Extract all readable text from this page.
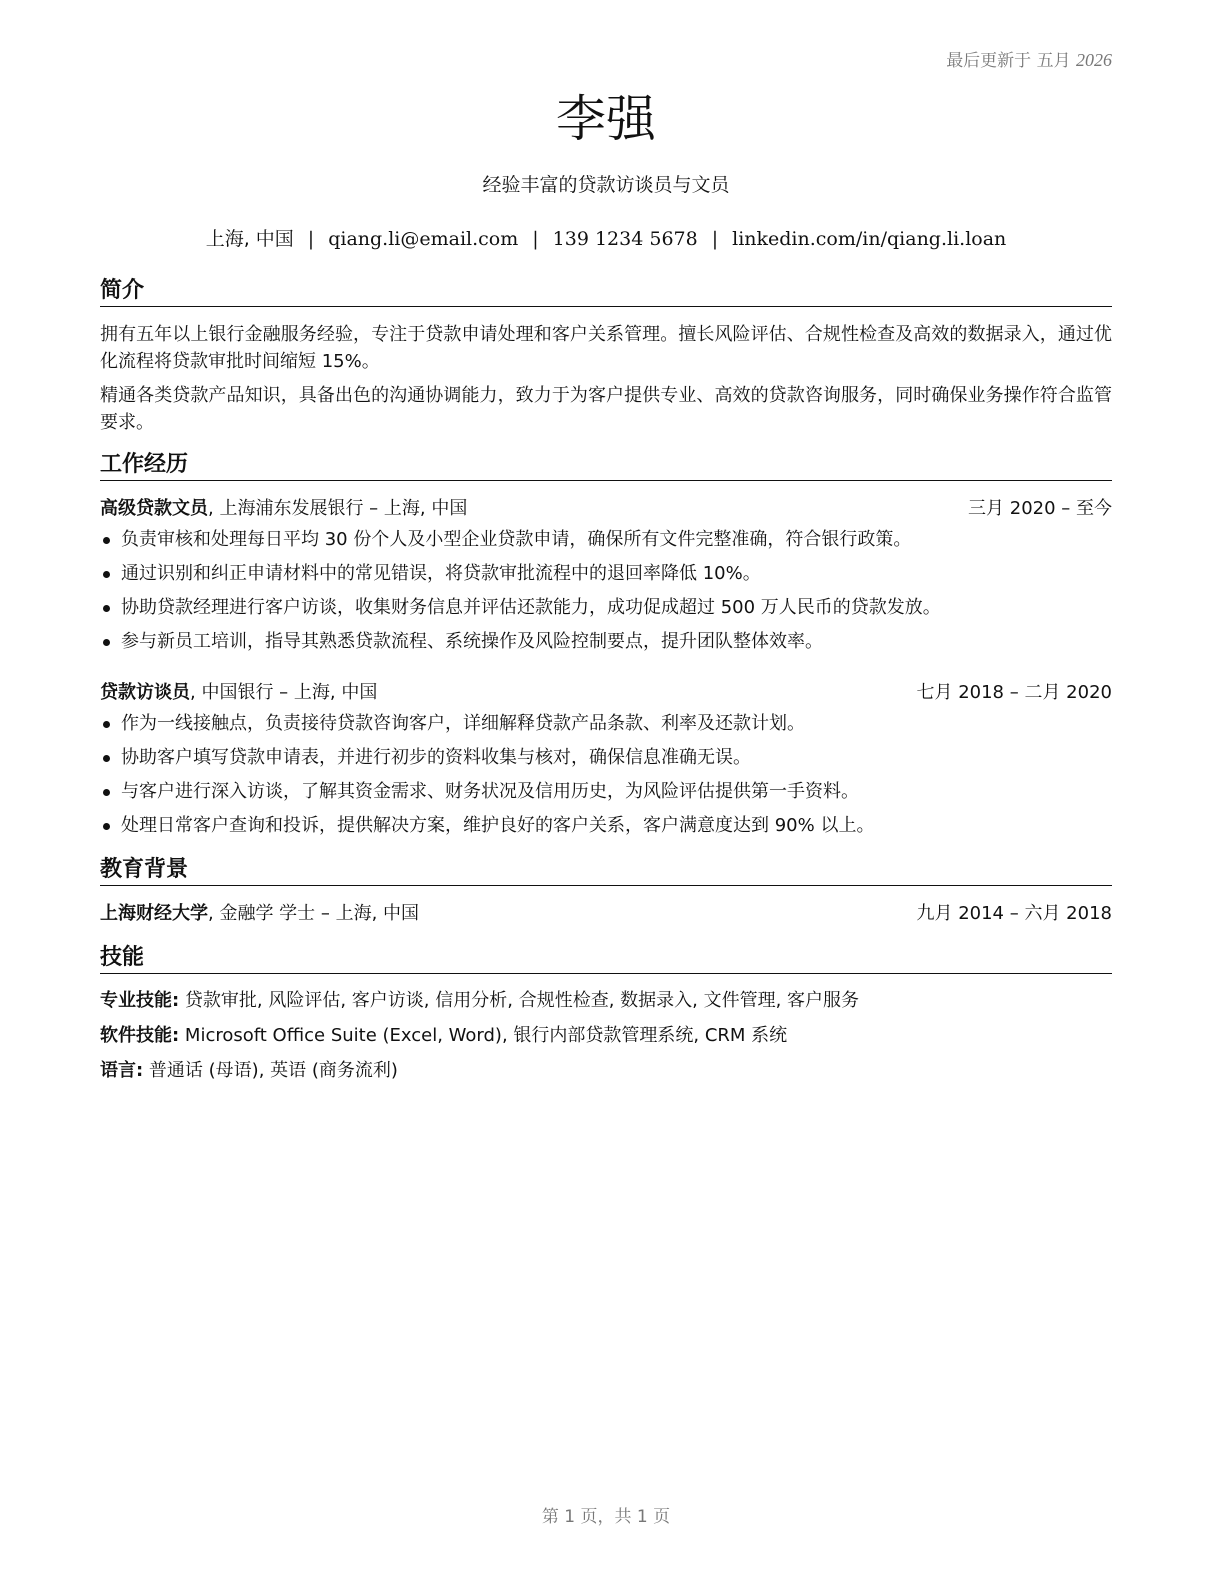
最后更新于 五月 2026
李强
经验丰富的贷款访谈员与文员
上海, 中国 | qiang.li@email.com | 139 1234 5678 | linkedin.com/in/qiang.li.loan
简介
拥有五年以上银行金融服务经验，专注于贷款申请处理和客户关系管理。擅长风险评估、合规性检查及高效的数据录入，通过优化流程将贷款审批时间缩短 15%。
精通各类贷款产品知识，具备出色的沟通协调能力，致力于为客户提供专业、高效的贷款咨询服务，同时确保业务操作符合监管要求。
工作经历
高级贷款文员, 上海浦东发展银行 – 上海, 中国	三月 2020 – 至今
负责审核和处理每日平均 30 份个人及小型企业贷款申请，确保所有文件完整准确，符合银行政策。
通过识别和纠正申请材料中的常见错误，将贷款审批流程中的退回率降低 10%。
协助贷款经理进行客户访谈，收集财务信息并评估还款能力，成功促成超过 500 万人民币的贷款发放。
参与新员工培训，指导其熟悉贷款流程、系统操作及风险控制要点，提升团队整体效率。
贷款访谈员, 中国银行 – 上海, 中国	七月 2018 – 二月 2020
作为一线接触点，负责接待贷款咨询客户，详细解释贷款产品条款、利率及还款计划。
协助客户填写贷款申请表，并进行初步的资料收集与核对，确保信息准确无误。
与客户进行深入访谈，了解其资金需求、财务状况及信用历史，为风险评估提供第一手资料。
处理日常客户查询和投诉，提供解决方案，维护良好的客户关系，客户满意度达到 90% 以上。
教育背景
上海财经大学, 金融学 学士 – 上海, 中国	九月 2014 – 六月 2018
技能
专业技能: 贷款审批, 风险评估, 客户访谈, 信用分析, 合规性检查, 数据录入, 文件管理, 客户服务
软件技能: Microsoft Office Suite (Excel, Word), 银行内部贷款管理系统, CRM 系统
语言: 普通话 (母语), 英语 (商务流利)
第 1 页，共 1 页
